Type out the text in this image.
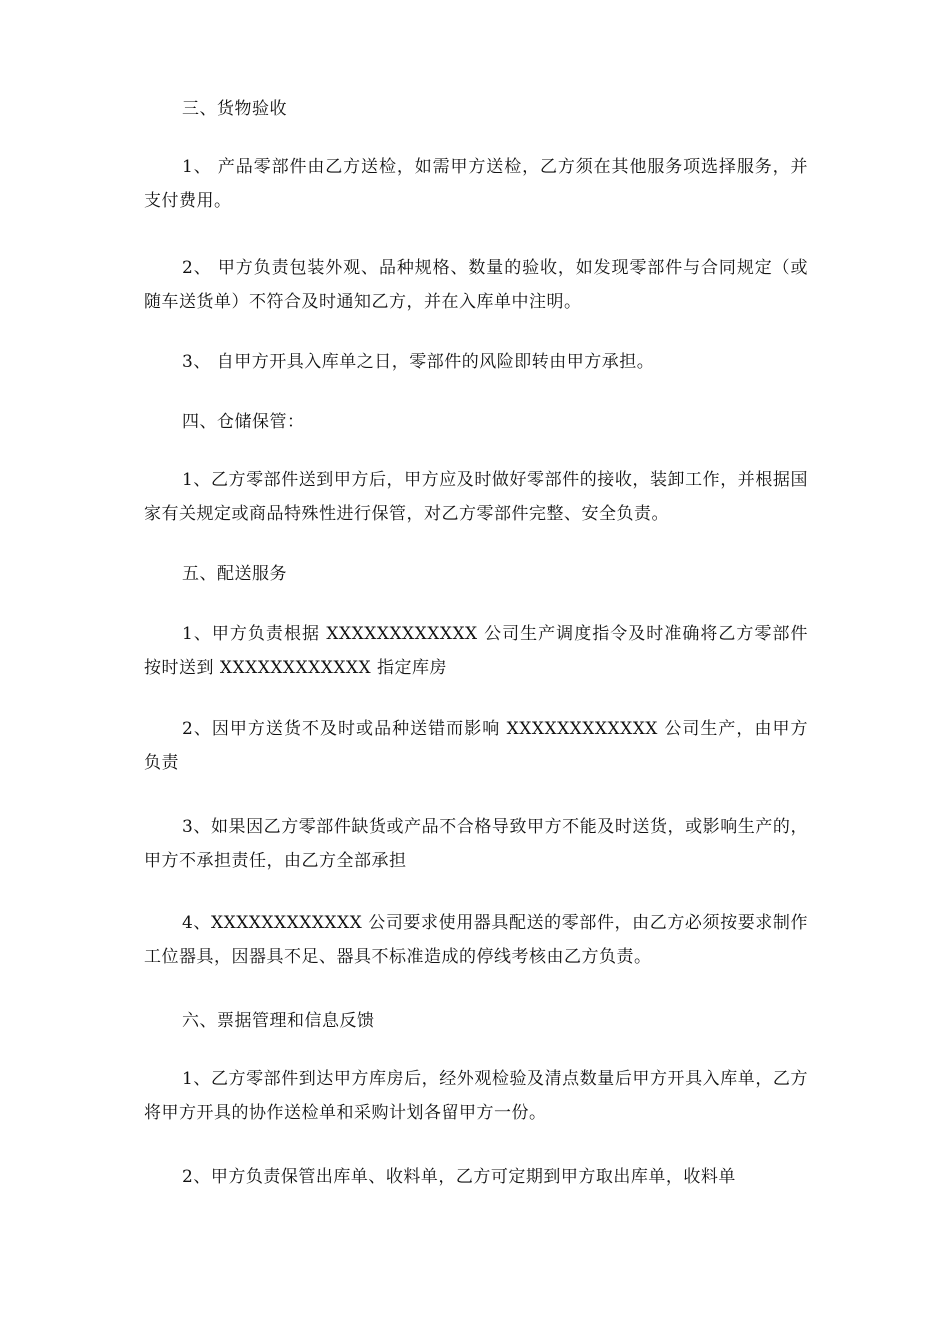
三、货物验收

1、 产品零部件由乙方送检，如需甲方送检，乙方须在其他服务项选择服务，并支付费用。

2、 甲方负责包装外观、品种规格、数量的验收，如发现零部件与合同规定（或随车送货单）不符合及时通知乙方，并在入库单中注明。

3、 自甲方开具入库单之日，零部件的风险即转由甲方承担。

四、仓储保管：

1、乙方零部件送到甲方后，甲方应及时做好零部件的接收，装卸工作，并根据国家有关规定或商品特殊性进行保管，对乙方零部件完整、安全负责。

五、配送服务

1、甲方负责根据 XXXXXXXXXXXX 公司生产调度指令及时准确将乙方零部件按时送到 XXXXXXXXXXXX 指定库房

2、因甲方送货不及时或品种送错而影响 XXXXXXXXXXXX 公司生产，由甲方负责

3、如果因乙方零部件缺货或产品不合格导致甲方不能及时送货，或影响生产的，甲方不承担责任，由乙方全部承担

4、XXXXXXXXXXXX 公司要求使用器具配送的零部件，由乙方必须按要求制作工位器具，因器具不足、器具不标准造成的停线考核由乙方负责。

六、票据管理和信息反馈

1、乙方零部件到达甲方库房后，经外观检验及清点数量后甲方开具入库单，乙方将甲方开具的协作送检单和采购计划各留甲方一份。

2、甲方负责保管出库单、收料单，乙方可定期到甲方取出库单，收料单
